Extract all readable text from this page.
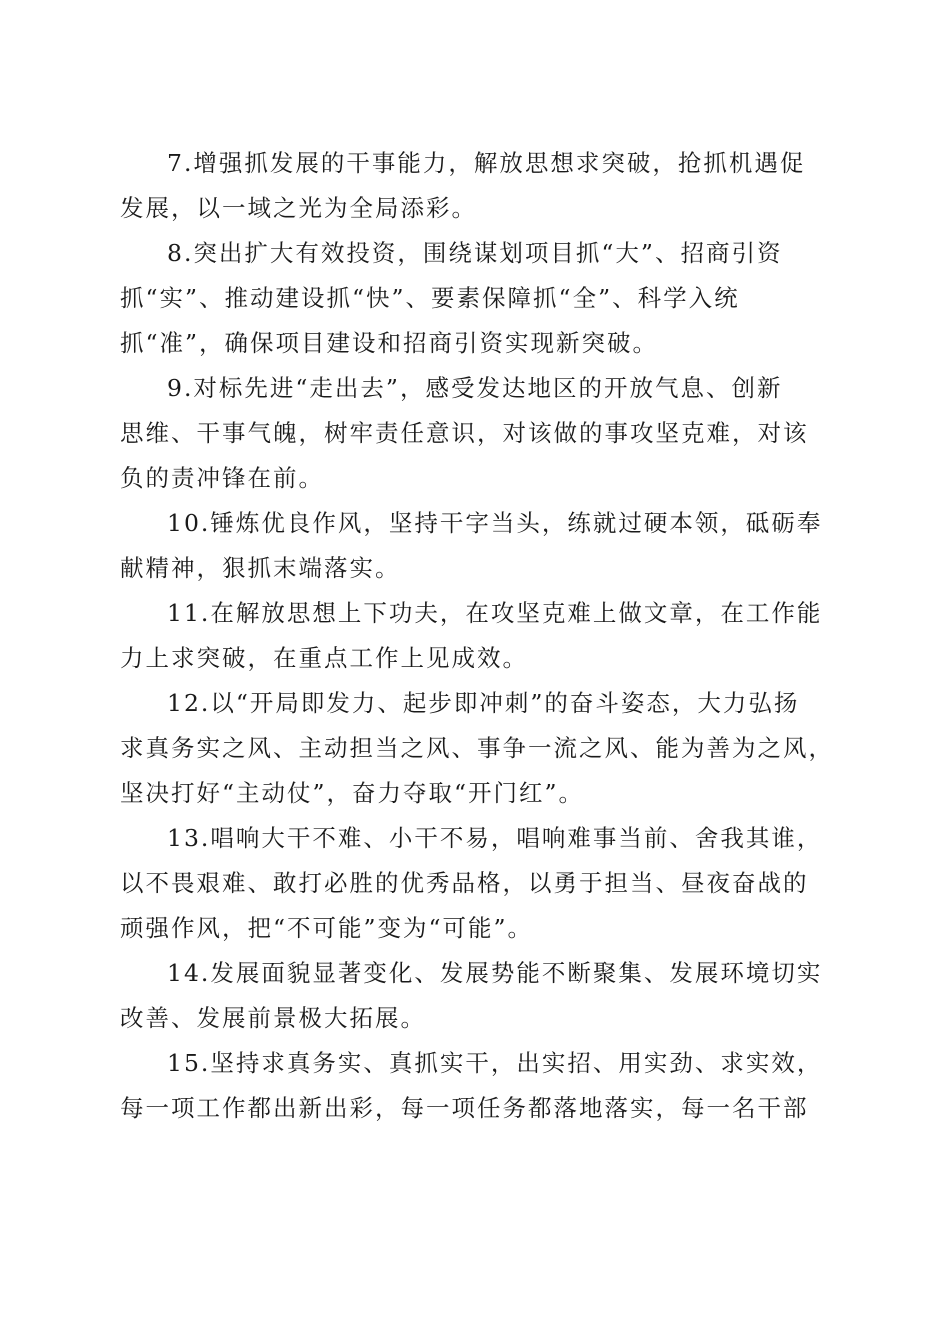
7.增强抓发展的干事能力，解放思想求突破，抢抓机遇促
发展，以一域之光为全局添彩。

8.突出扩大有效投资，围绕谋划项目抓“大”、招商引资
抓“实”、推动建设抓“快”、要素保障抓“全”、科学入统
抓“准”，确保项目建设和招商引资实现新突破。

9.对标先进“走出去”，感受发达地区的开放气息、创新
思维、干事气魄，树牢责任意识，对该做的事攻坚克难，对该
负的责冲锋在前。

10.锤炼优良作风，坚持干字当头，练就过硬本领，砥砺奉
献精神，狠抓末端落实。

11.在解放思想上下功夫，在攻坚克难上做文章，在工作能
力上求突破，在重点工作上见成效。

12.以“开局即发力、起步即冲刺”的奋斗姿态，大力弘扬
求真务实之风、主动担当之风、事争一流之风、能为善为之风，
坚决打好“主动仗”，奋力夺取“开门红”。

13.唱响大干不难、小干不易，唱响难事当前、舍我其谁，
以不畏艰难、敢打必胜的优秀品格，以勇于担当、昼夜奋战的
顽强作风，把“不可能”变为“可能”。

14.发展面貌显著变化、发展势能不断聚集、发展环境切实
改善、发展前景极大拓展。

15.坚持求真务实、真抓实干，出实招、用实劲、求实效，
每一项工作都出新出彩，每一项任务都落地落实，每一名干部
